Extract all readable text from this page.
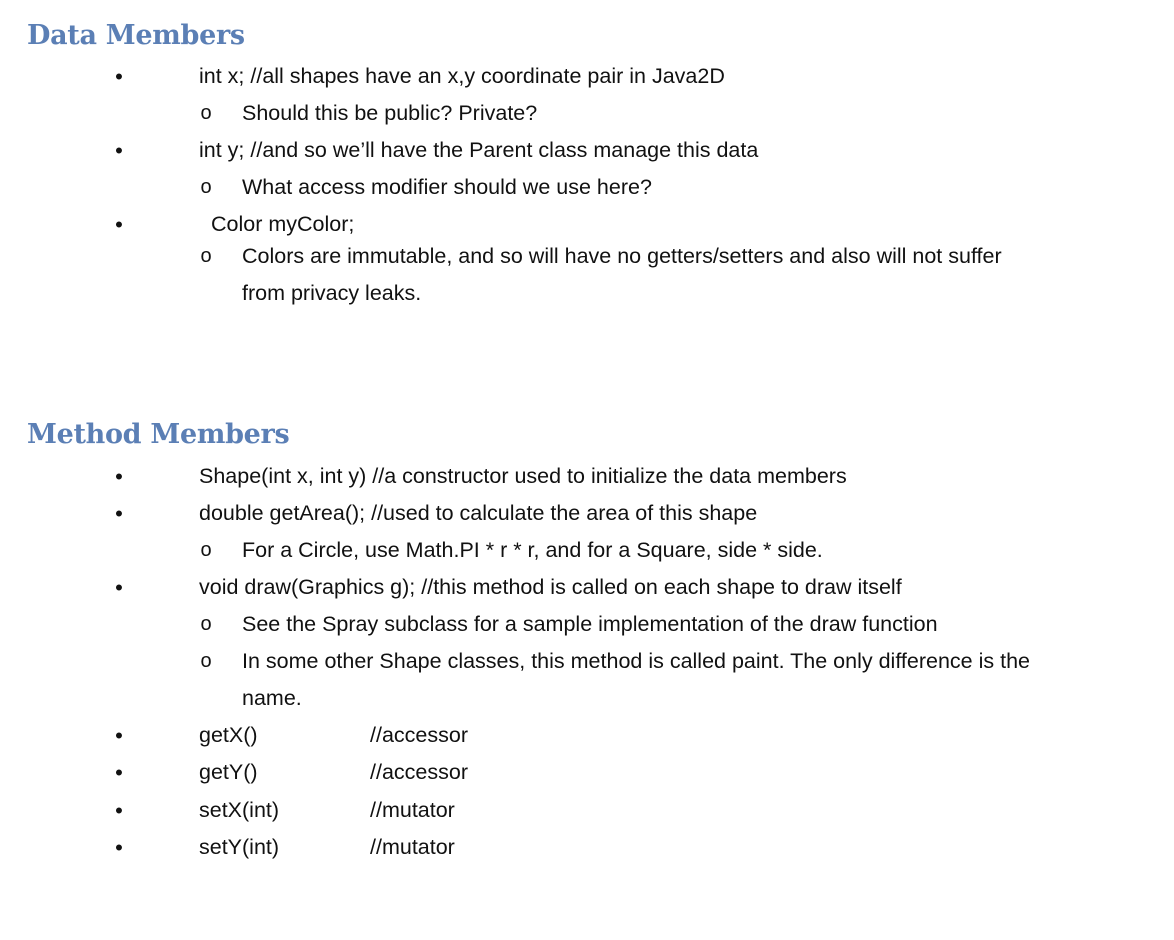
Data Members
•	int x; //all shapes have an x,y coordinate pair in Java2D
o Should this be public? Private?
•	int y; //and so we’ll have the Parent class manage this data
o What access modifier should we use here?
•	Color myColor;
o Colors are immutable, and so will have no getters/setters and also will not suffer
from privacy leaks.
Method Members
•	Shape(int x, int y) //a constructor used to initialize the data members
•	double getArea(); //used to calculate the area of this shape
o For a Circle, use Math.PI * r * r, and for a Square, side * side.
•	void draw(Graphics g); //this method is called on each shape to draw itself
o See the Spray subclass for a sample implementation of the draw function
o In some other Shape classes, this method is called paint. The only difference is the
name.
•	getX()	//accessor
•	getY()	//accessor
•	setX(int)	//mutator
•	setY(int)	//mutator
